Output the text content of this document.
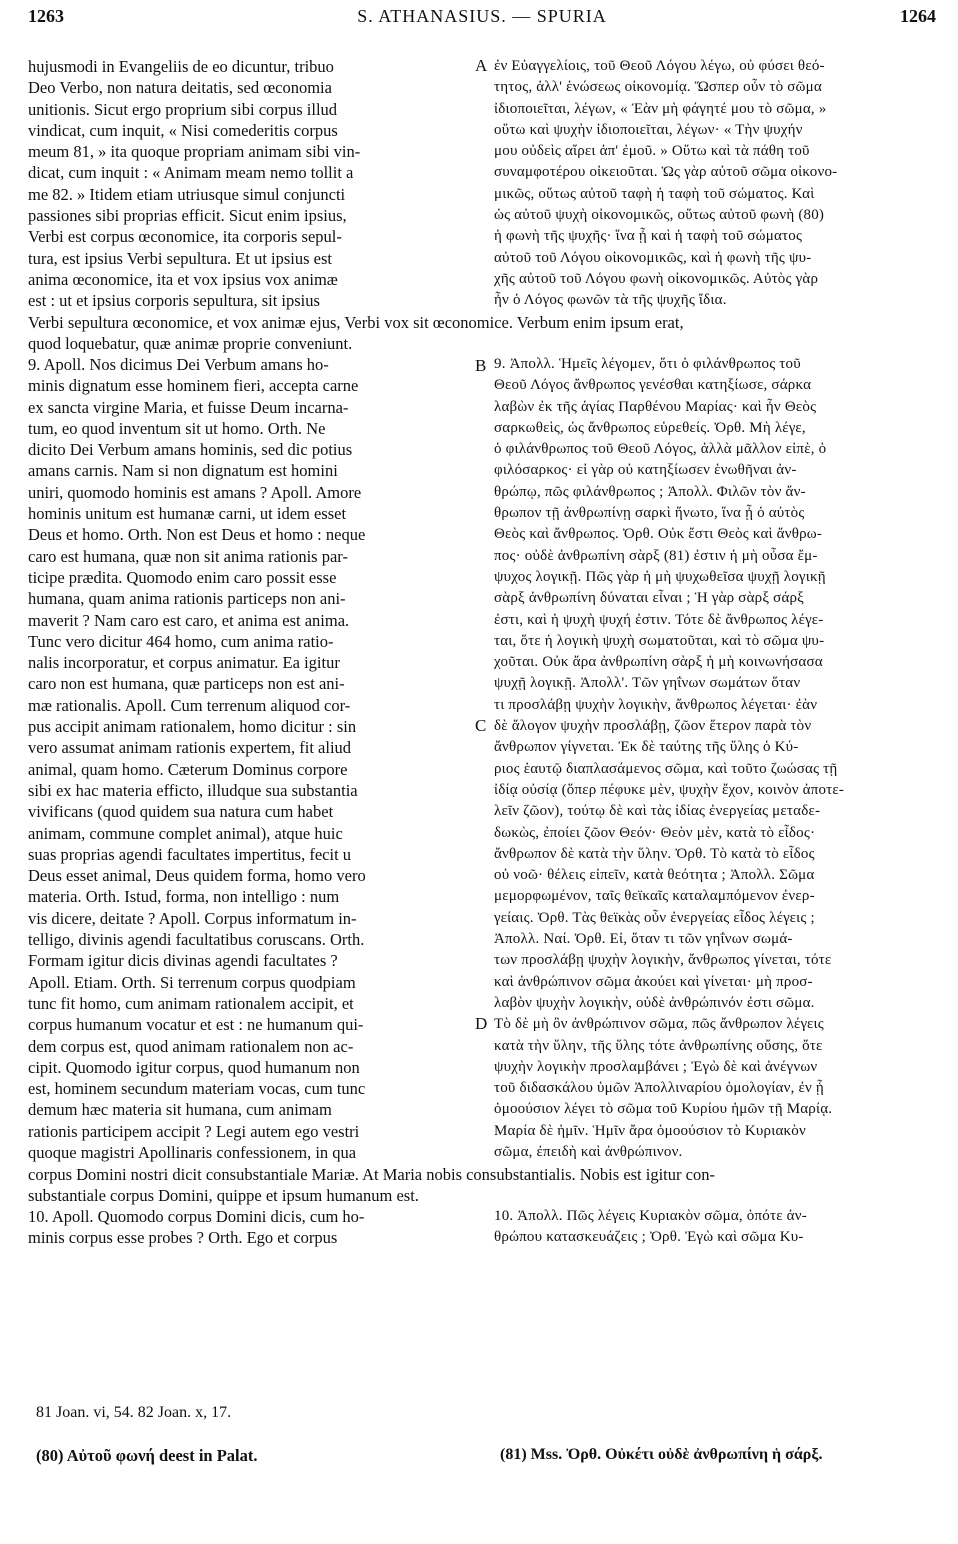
1263	S. ATHANASIUS. — SPURIA	1264
hujusmodi in Evangeliis de eo dicuntur, tribuo
Deo Verbo, non natura deitatis, sed œconomia
unitionis. Sicut ergo proprium sibi corpus illud
vindicat, cum inquit, « Nisi comederitis corpus
meum 81, » ita quoque propriam animam sibi vin-
dicat, cum inquit : « Animam meam nemo tollit a
me 82. » Itidem etiam utriusque simul conjuncti
passiones sibi proprias efficit. Sicut enim ipsius,
Verbi est corpus œconomice, ita corporis sepul-
tura, est ipsius Verbi sepultura. Et ut ipsius est
anima œconomice, ita et vox ipsius vox animæ
est : ut et ipsius corporis sepultura, sit ipsius
ἐν Εὐαγγελίοις, τοῦ Θεοῦ Λόγου λέγω, οὐ φύσει θεό-
τητος, ἀλλ' ἑνώσεως οἰκονομίᾳ. Ὥσπερ οὖν τὸ σῶμα
ἰδιοποιεῖται, λέγων, « Ἐὰν μὴ φάγητέ μου τὸ σῶμα, »
οὕτω καὶ ψυχὴν ἰδιοποιεῖται, λέγων· « Τὴν ψυχήν
μου οὐδεὶς αἴρει ἀπ' ἐμοῦ. » Οὕτω καὶ τὰ πάθη τοῦ
συναμφοτέρου οἰκειοῦται. Ὡς γὰρ αὐτοῦ σῶμα οἰκονο-
μικῶς, οὕτως αὐτοῦ ταφὴ ἡ ταφὴ τοῦ σώματος. Καὶ
ὡς αὐτοῦ ψυχὴ οἰκονομικῶς, οὕτως αὐτοῦ φωνὴ (80)
ἡ φωνὴ τῆς ψυχῆς· ἵνα ᾖ καὶ ἡ ταφὴ τοῦ σώματος
αὐτοῦ τοῦ Λόγου οἰκονομικῶς, καὶ ἡ φωνὴ τῆς ψυ-
χῆς αὐτοῦ τοῦ Λόγου φωνὴ οἰκονομικῶς. Αὐτὸς γὰρ
ἦν ὁ Λόγος φωνῶν τὰ τῆς ψυχῆς ἴδια.
Verbi sepultura œconomice, et vox animæ ejus, Verbi vox sit œconomice. Verbum enim ipsum erat,
quod loquebatur, quæ animæ proprie conveniunt.
9. Apoll. Nos dicimus Dei Verbum amans ho-
minis dignatum esse hominem fieri, accepta carne
ex sancta virgine Maria, et fuisse Deum incarna-
tum, eo quod inventum sit ut homo. Orth. Ne
dicito Dei Verbum amans hominis, sed dic potius
amans carnis. Nam si non dignatum est homini
uniri, quomodo hominis est amans ? Apoll. Amore
hominis unitum est humanæ carni, ut idem esset
Deus et homo. Orth. Non est Deus et homo : neque
caro est humana, quæ non sit anima rationis par-
ticipe prædita. Quomodo enim caro possit esse
humana, quam anima rationis particeps non ani-
maverit ? Nam caro est caro, et anima est anima.
Tunc vero dicitur 464 homo, cum anima ratio-
nalis incorporatur, et corpus animatur. Ea igitur
caro non est humana, quæ particeps non est ani-
mæ rationalis. Apoll. Cum terrenum aliquod cor-
pus accipit animam rationalem, homo dicitur : sin
vero assumat animam rationis expertem, fit aliud
animal, quam homo. Cæterum Dominus corpore
sibi ex hac materia efficto, illudque sua substantia
vivificans (quod quidem sua natura cum habet
animam, commune complet animal), atque huic
suas proprias agendi facultates impertitus, fecit u
Deus esset animal, Deus quidem forma, homo vero
materia. Orth. Istud, forma, non intelligo : num
vis dicere, deitate ? Apoll. Corpus informatum in-
telligo, divinis agendi facultatibus coruscans. Orth.
Formam igitur dicis divinas agendi facultates ?
Apoll. Etiam. Orth. Si terrenum corpus quodpiam
tunc fit homo, cum animam rationalem accipit, et
corpus humanum vocatur et est : ne humanum qui-
dem corpus est, quod animam rationalem non ac-
cipit. Quomodo igitur corpus, quod humanum non
est, hominem secundum materiam vocas, cum tunc
demum hæc materia sit humana, cum animam
rationis participem accipit ? Legi autem ego vestri
quoque magistri Apollinaris confessionem, in qua
9. Ἀπολλ. Ἡμεῖς λέγομεν, ὅτι ὁ φιλάνθρωπος τοῦ
Θεοῦ Λόγος ἄνθρωπος γενέσθαι κατηξίωσε, σάρκα
λαβὼν ἐκ τῆς ἁγίας Παρθένου Μαρίας· καὶ ἦν Θεὸς
σαρκωθεὶς, ὡς ἄνθρωπος εὑρεθείς. Ὀρθ. Μὴ λέγε,
ὁ φιλάνθρωπος τοῦ Θεοῦ Λόγος, ἀλλὰ μᾶλλον εἰπὲ, ὁ
φιλόσαρκος· εἰ γὰρ οὐ κατηξίωσεν ἑνωθῆναι ἀν-
θρώπῳ, πῶς φιλάνθρωπος ; Ἀπολλ. Φιλῶν τὸν ἄν-
θρωπον τῇ ἀνθρωπίνῃ σαρκὶ ἥνωτο, ἵνα ᾖ ὁ αὐτὸς
Θεὸς καὶ ἄνθρωπος. Ὀρθ. Οὐκ ἔστι Θεὸς καὶ ἄνθρω-
πος· οὐδὲ ἀνθρωπίνη σὰρξ (81) ἐστιν ἡ μὴ οὖσα ἔμ-
ψυχος λογικῇ. Πῶς γὰρ ἡ μὴ ψυχωθεῖσα ψυχῇ λογικῇ
σὰρξ ἀνθρωπίνη δύναται εἶναι ; Ἡ γὰρ σὰρξ σάρξ
ἐστι, καὶ ἡ ψυχὴ ψυχή ἐστιν. Τότε δὲ ἄνθρωπος λέγε-
ται, ὅτε ἡ λογικὴ ψυχὴ σωματοῦται, καὶ τὸ σῶμα ψυ-
χοῦται. Οὐκ ἄρα ἀνθρωπίνη σὰρξ ἡ μὴ κοινωνήσασα
ψυχῇ λογικῇ. Ἀπολλ'. Τῶν γηΐνων σωμάτων ὅταν
τι προσλάβῃ ψυχὴν λογικὴν, ἄνθρωπος λέγεται· ἐὰν
δὲ ἄλογον ψυχὴν προσλάβῃ, ζῶον ἕτερον παρὰ τὸν
ἄνθρωπον γίγνεται. Ἐκ δὲ ταύτης τῆς ὕλης ὁ Κύ-
ριος ἑαυτῷ διαπλασάμενος σῶμα, καὶ τοῦτο ζωώσας τῇ
ἰδίᾳ οὐσίᾳ (ὅπερ πέφυκε μὲν, ψυχὴν ἔχον, κοινὸν ἀποτε-
λεῖν ζῶον), τούτῳ δὲ καὶ τὰς ἰδίας ἐνεργείας μεταδε-
δωκὼς, ἐποίει ζῶον Θεόν· Θεὸν μὲν, κατὰ τὸ εἶδος·
ἄνθρωπον δὲ κατὰ τὴν ὕλην. Ὀρθ. Τὸ κατὰ τὸ εἶδος
οὐ νοῶ· θέλεις εἰπεῖν, κατὰ θεότητα ; Ἀπολλ. Σῶμα
μεμορφωμένον, ταῖς θεϊκαῖς καταλαμπόμενον ἐνερ-
γείαις. Ὀρθ. Τὰς θεϊκὰς οὖν ἐνεργείας εἶδος λέγεις ;
Ἀπολλ. Ναί. Ὀρθ. Εἰ, ὅταν τι τῶν γηΐνων σωμά-
των προσλάβῃ ψυχὴν λογικὴν, ἄνθρωπος γίνεται, τότε
καὶ ἀνθρώπινον σῶμα ἀκούει καὶ γίνεται· μὴ προσ-
λαβὸν ψυχὴν λογικὴν, οὐδὲ ἀνθρώπινόν ἐστι σῶμα.
Τὸ δὲ μὴ ὂν ἀνθρώπινον σῶμα, πῶς ἄνθρωπον λέγεις
κατὰ τὴν ὕλην, τῆς ὕλης τότε ἀνθρωπίνης οὔσης, ὅτε
ψυχὴν λογικὴν προσλαμβάνει ; Ἐγὼ δὲ καὶ ἀνέγνων
τοῦ διδασκάλου ὑμῶν Ἀπολλιναρίου ὁμολογίαν, ἐν ᾗ
ὁμοούσιον λέγει τὸ σῶμα τοῦ Κυρίου ἡμῶν τῇ Μαρίᾳ.
Μαρία δὲ ἡμῖν. Ἡμῖν ἄρα ὁμοούσιον τὸ Κυριακὸν
σῶμα, ἐπειδὴ καὶ ἀνθρώπινον.
corpus Domini nostri dicit consubstantiale Mariæ. At Maria nobis consubstantialis. Nobis est igitur con-
substantiale corpus Domini, quippe et ipsum humanum est.
10. Apoll. Quomodo corpus Domini dicis, cum ho-
minis corpus esse probes ? Orth. Ego et corpus
10. Ἀπολλ. Πῶς λέγεις Κυριακὸν σῶμα, ὁπότε ἀν-
θρώπου κατασκευάζεις ; Ὀρθ. Ἐγὼ καὶ σῶμα Κυ-
A
B
C
D
81 Joan. vi, 54. 82 Joan. x, 17.
(80) Αὐτοῦ φωνή deest in Palat.	(81) Mss. Ὀρθ. Οὐκέτι οὐδὲ ἀνθρωπίνη ἡ σάρξ.
